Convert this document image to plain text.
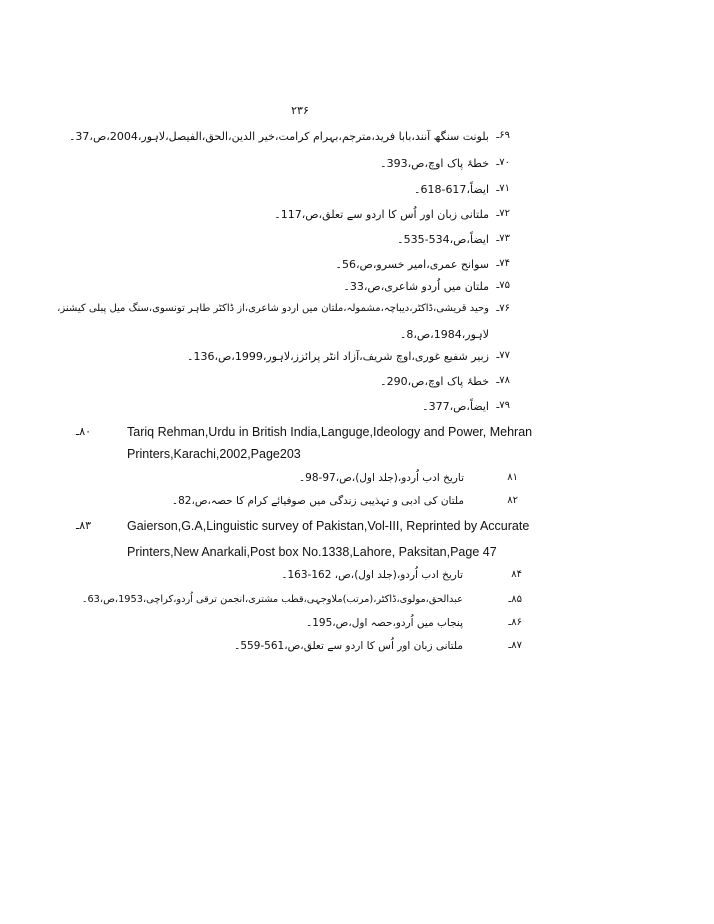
۲۳۶
بلونت سنگھ آنند،بابا فرید،مترجم،بہرام کرامت،خیر الدین،الحق،الفیصل،لاہور،2004،ص،37۔ ۶۹ـ
خطۂ پاک اوچ،ص،393۔ ۷۰ـ
ایضاً،617-618۔ ۷۱ـ
ملتانی زبان اور اُس کا اردو سے تعلق،ص،117۔ ۷۲ـ
ایضاً،ص،534-535۔ ۷۳ـ
سوانح عمری،امیر خسرو،ص،56۔ ۷۴ـ
ملتان میں اُردو شاعری،ص،33۔ ۷۵ـ
وحید قریشی،ڈاکٹر،دیباچہ،مشمولہ،ملتان میں اردو شاعری،از ڈاکٹر طاہر تونسوی،سنگ میل پبلی کیشنز، ۷۶ـ
لاہور،1984،ص،8۔
زبیر شفیع غوری،اوچ شریف،آزاد انٹر پرائزز،لاہور،1999،ص،136۔ ۷۷ـ
خطۂ پاک اوچ،ص،290۔ ۷۸ـ
ایضاً،ص،377۔ ۷۹ـ
۸۰ـ	Tariq Rehman,Urdu in British India,Languge,Ideology and Power, Mehran
Printers,Karachi,2002,Page203
تاریخ ادب اُردو،(جلد اول)،ص،97-98۔	۸۱
ملتان کی ادبی و تہذیبی زندگی میں صوفیائے کرام کا حصہ،ص،82۔	۸۲
۸۳ـ	Gaierson,G.A,Linguistic survey of Pakistan,Vol-III, Reprinted by Accurate
Printers,New Anarkali,Post box No.1338,Lahore, Paksitan,Page 47
تاریخ ادب اُردو،(جلد اول)،ص، 162-163۔	۸۴
عبدالحق،مولوی،ڈاکٹر،(مرتب)ملاوجہی،قطب مشتری،انجمن ترقی اُردو،کراچی،1953،ص،63۔	۸۵ـ
پنجاب میں اُردو،حصہ اول،ص،195۔	۸۶ـ
ملتانی زبان اور اُس کا اردو سے تعلق،ص،561-559۔	۸۷ـ
